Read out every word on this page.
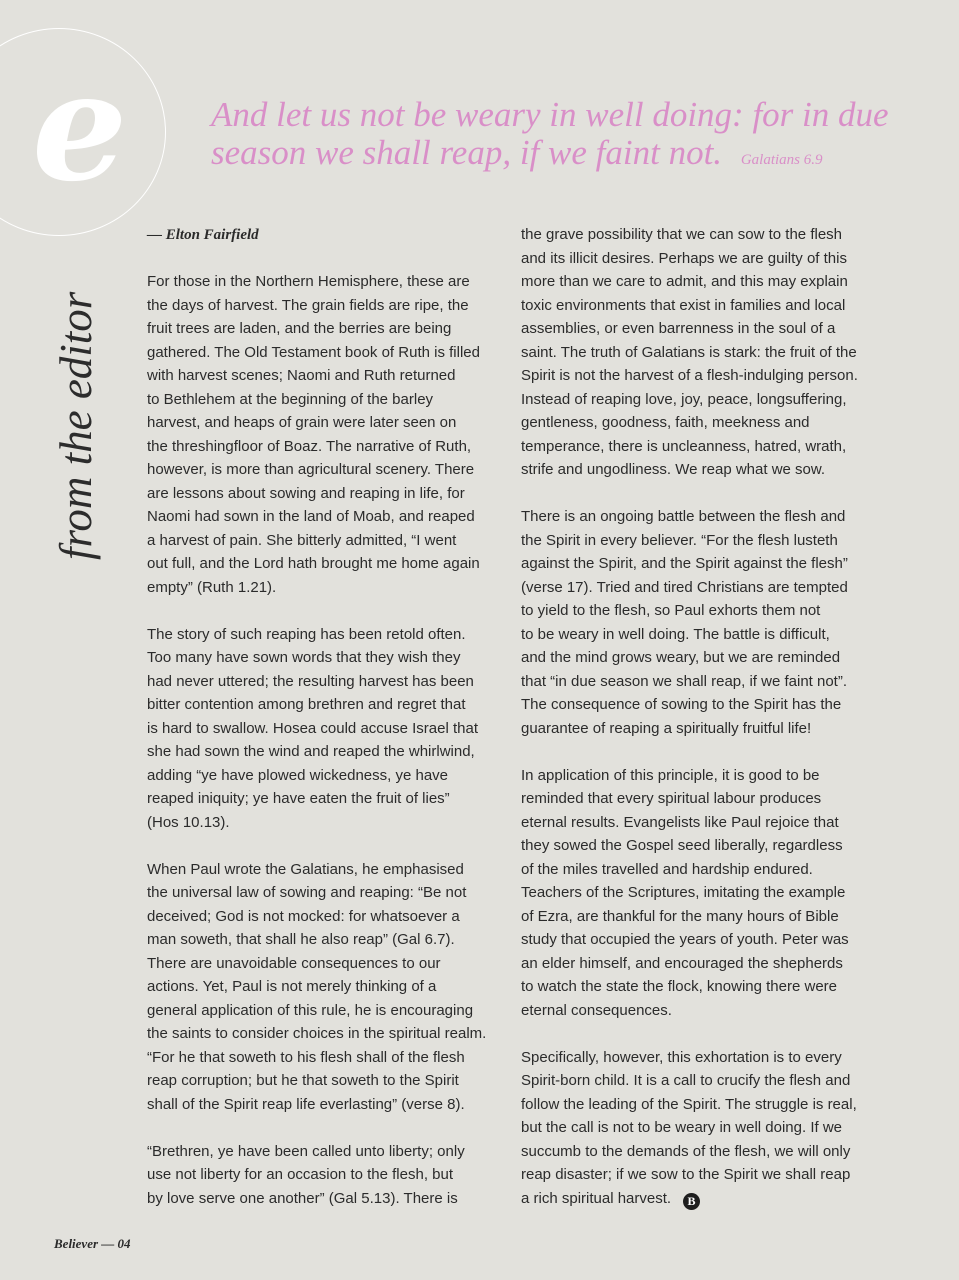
e And let us not be weary in well doing: for in due season we shall reap, if we faint not. Galatians 6.9
from the editor
— Elton Fairfield

For those in the Northern Hemisphere, these are
the days of harvest. The grain fields are ripe, the
fruit trees are laden, and the berries are being
gathered. The Old Testament book of Ruth is filled
with harvest scenes; Naomi and Ruth returned
to Bethlehem at the beginning of the barley
harvest, and heaps of grain were later seen on
the threshingfloor of Boaz. The narrative of Ruth,
however, is more than agricultural scenery. There
are lessons about sowing and reaping in life, for
Naomi had sown in the land of Moab, and reaped
a harvest of pain. She bitterly admitted, “I went
out full, and the Lord hath brought me home again
empty” (Ruth 1.21).

The story of such reaping has been retold often.
Too many have sown words that they wish they
had never uttered; the resulting harvest has been
bitter contention among brethren and regret that
is hard to swallow. Hosea could accuse Israel that
she had sown the wind and reaped the whirlwind,
adding “ye have plowed wickedness, ye have
reaped iniquity; ye have eaten the fruit of lies”
(Hos 10.13).

When Paul wrote the Galatians, he emphasised
the universal law of sowing and reaping: “Be not
deceived; God is not mocked: for whatsoever a
man soweth, that shall he also reap” (Gal 6.7).
There are unavoidable consequences to our
actions. Yet, Paul is not merely thinking of a
general application of this rule, he is encouraging
the saints to consider choices in the spiritual realm.
“For he that soweth to his flesh shall of the flesh
reap corruption; but he that soweth to the Spirit
shall of the Spirit reap life everlasting” (verse 8).

“Brethren, ye have been called unto liberty; only
use not liberty for an occasion to the flesh, but
by love serve one another” (Gal 5.13). There is

the grave possibility that we can sow to the flesh
and its illicit desires. Perhaps we are guilty of this
more than we care to admit, and this may explain
toxic environments that exist in families and local
assemblies, or even barrenness in the soul of a
saint. The truth of Galatians is stark: the fruit of the
Spirit is not the harvest of a flesh-indulging person.
Instead of reaping love, joy, peace, longsuffering,
gentleness, goodness, faith, meekness and
temperance, there is uncleanness, hatred, wrath,
strife and ungodliness. We reap what we sow.

There is an ongoing battle between the flesh and
the Spirit in every believer. “For the flesh lusteth
against the Spirit, and the Spirit against the flesh”
(verse 17). Tried and tired Christians are tempted
to yield to the flesh, so Paul exhorts them not
to be weary in well doing. The battle is difficult,
and the mind grows weary, but we are reminded
that “in due season we shall reap, if we faint not”.
The consequence of sowing to the Spirit has the
guarantee of reaping a spiritually fruitful life!

In application of this principle, it is good to be
reminded that every spiritual labour produces
eternal results. Evangelists like Paul rejoice that
they sowed the Gospel seed liberally, regardless
of the miles travelled and hardship endured.
Teachers of the Scriptures, imitating the example
of Ezra, are thankful for the many hours of Bible
study that occupied the years of youth. Peter was
an elder himself, and encouraged the shepherds
to watch the state the flock, knowing there were
eternal consequences.

Specifically, however, this exhortation is to every
Spirit-born child. It is a call to crucify the flesh and
follow the leading of the Spirit. The struggle is real,
but the call is not to be weary in well doing. If we
succumb to the demands of the flesh, we will only
reap disaster; if we sow to the Spirit we shall reap
a rich spiritual harvest. B

Believer — 04
